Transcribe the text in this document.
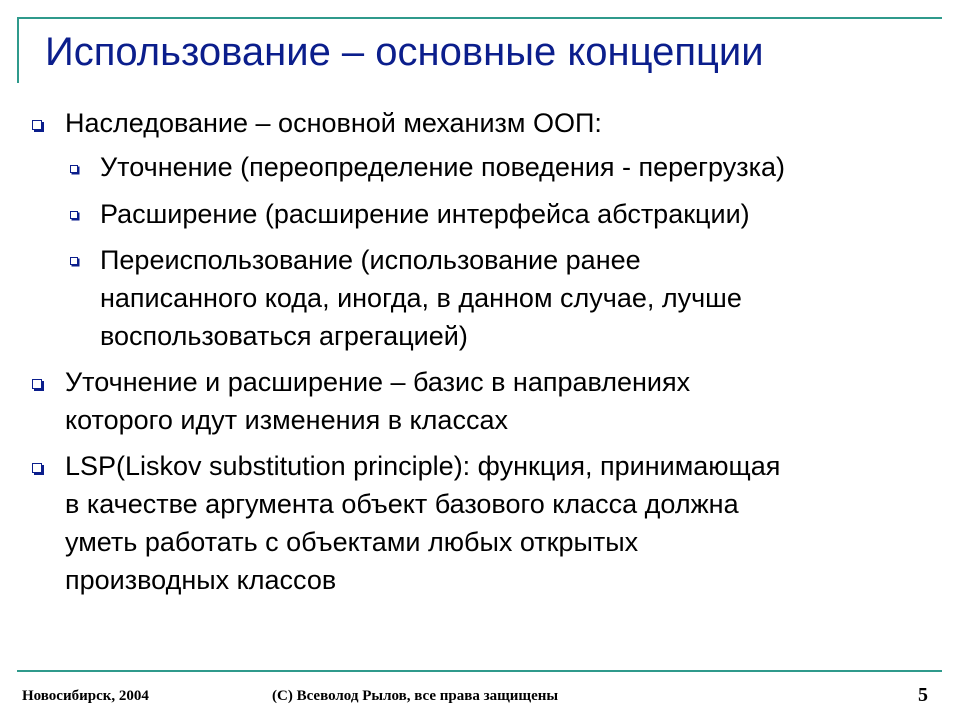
Использование – основные концепции
Наследование – основной механизм ООП:
Уточнение (переопределение поведения - перегрузка)
Расширение (расширение интерфейса абстракции)
Переиспользование (использование ранее
написанного кода, иногда, в данном случае, лучше
воспользоваться агрегацией)
Уточнение и расширение – базис в направлениях
которого идут изменения в классах
LSP(Liskov substitution principle): функция, принимающая
в качестве аргумента объект базового класса должна
уметь работать с объектами любых открытых
производных классов
Новосибирск, 2004	(C) Всеволод Рылов, все права защищены	5
